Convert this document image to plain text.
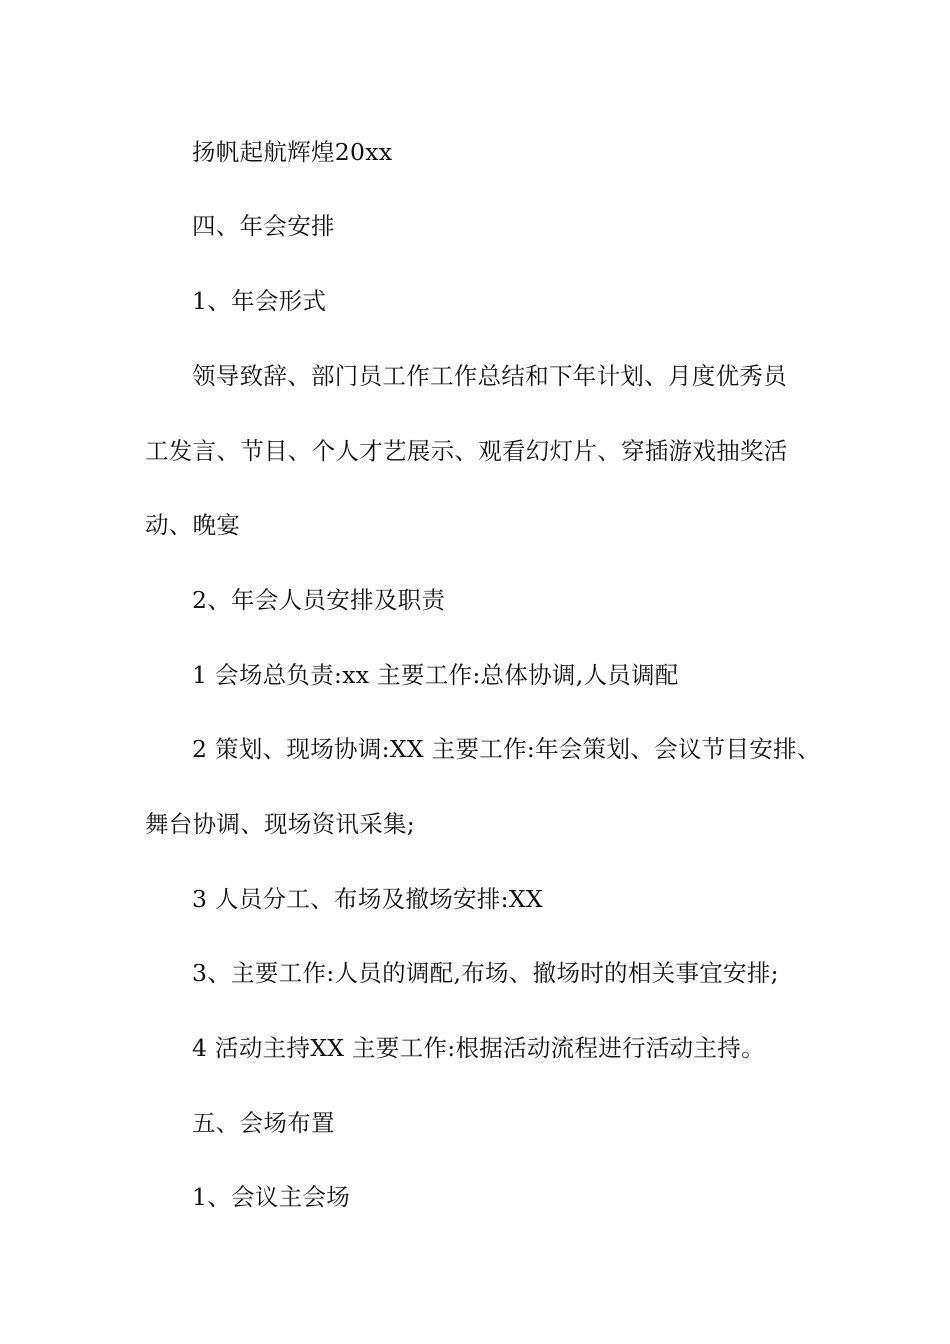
扬帆起航辉煌20xx
四、年会安排
1、年会形式
领导致辞、部门员工作工作总结和下年计划、月度优秀员
工发言、节目、个人才艺展示、观看幻灯片、穿插游戏抽奖活
动、晚宴
2、年会人员安排及职责
1 会场总负责:xx 主要工作:总体协调,人员调配
2 策划、现场协调:XX 主要工作:年会策划、会议节目安排、
舞台协调、现场资讯采集;
3 人员分工、布场及撤场安排:XX
3、主要工作:人员的调配,布场、撤场时的相关事宜安排;
4 活动主持XX 主要工作:根据活动流程进行活动主持。
五、会场布置
1、会议主会场
